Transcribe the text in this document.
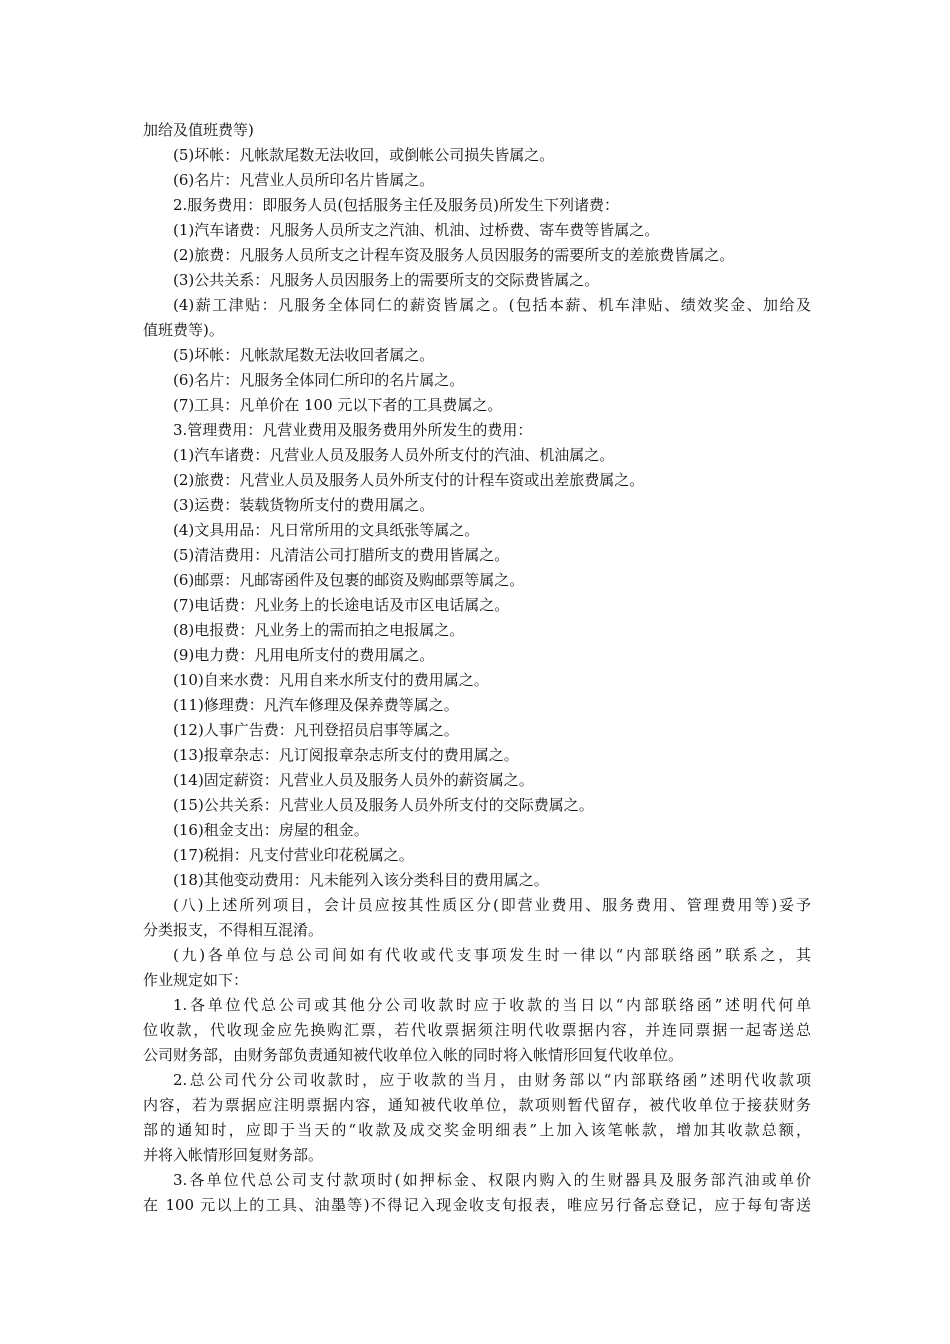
加给及值班费等)
(5)坏帐：凡帐款尾数无法收回，或倒帐公司损失皆属之。
(6)名片：凡营业人员所印名片皆属之。
2.服务费用：即服务人员(包括服务主任及服务员)所发生下列诸费：
(1)汽车诸费：凡服务人员所支之汽油、机油、过桥费、寄车费等皆属之。
(2)旅费：凡服务人员所支之计程车资及服务人员因服务的需要所支的差旅费皆属之。
(3)公共关系：凡服务人员因服务上的需要所支的交际费皆属之。
(4)薪工津贴：凡服务全体同仁的薪资皆属之。(包括本薪、机车津贴、绩效奖金、加给及
值班费等)。
(5)坏帐：凡帐款尾数无法收回者属之。
(6)名片：凡服务全体同仁所印的名片属之。
(7)工具：凡单价在 100 元以下者的工具费属之。
3.管理费用：凡营业费用及服务费用外所发生的费用：
(1)汽车诸费：凡营业人员及服务人员外所支付的汽油、机油属之。
(2)旅费：凡营业人员及服务人员外所支付的计程车资或出差旅费属之。
(3)运费：装载货物所支付的费用属之。
(4)文具用品：凡日常所用的文具纸张等属之。
(5)清洁费用：凡清洁公司打腊所支的费用皆属之。
(6)邮票：凡邮寄函件及包裹的邮资及购邮票等属之。
(7)电话费：凡业务上的长途电话及市区电话属之。
(8)电报费：凡业务上的需而拍之电报属之。
(9)电力费：凡用电所支付的费用属之。
(10)自来水费：凡用自来水所支付的费用属之。
(11)修理费：凡汽车修理及保养费等属之。
(12)人事广告费：凡刊登招员启事等属之。
(13)报章杂志：凡订阅报章杂志所支付的费用属之。
(14)固定薪资：凡营业人员及服务人员外的薪资属之。
(15)公共关系：凡营业人员及服务人员外所支付的交际费属之。
(16)租金支出：房屋的租金。
(17)税捐：凡支付营业印花税属之。
(18)其他变动费用：凡未能列入该分类科目的费用属之。
(八)上述所列项目，会计员应按其性质区分(即营业费用、服务费用、管理费用等)妥予
分类报支，不得相互混淆。
(九)各单位与总公司间如有代收或代支事项发生时一律以“内部联络函”联系之，其
作业规定如下：
1.各单位代总公司或其他分公司收款时应于收款的当日以“内部联络函”述明代何单
位收款，代收现金应先换购汇票，若代收票据须注明代收票据内容，并连同票据一起寄送总
公司财务部，由财务部负责通知被代收单位入帐的同时将入帐情形回复代收单位。
2.总公司代分公司收款时，应于收款的当月，由财务部以“内部联络函”述明代收款项
内容，若为票据应注明票据内容，通知被代收单位，款项则暂代留存，被代收单位于接获财务
部的通知时，应即于当天的“收款及成交奖金明细表”上加入该笔帐款，增加其收款总额，
并将入帐情形回复财务部。
3.各单位代总公司支付款项时(如押标金、权限内购入的生财器具及服务部汽油或单价
在 100 元以上的工具、油墨等)不得记入现金收支旬报表，唯应另行备忘登记，应于每旬寄送
